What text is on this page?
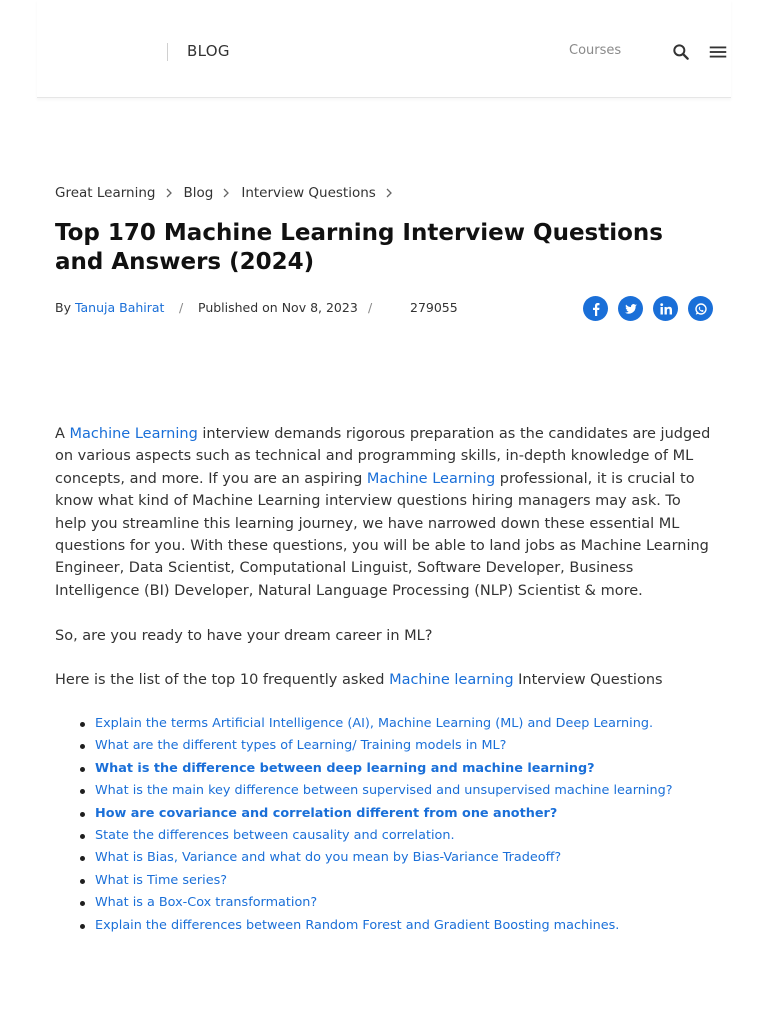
BLOG	Courses
Great Learning Blog Interview Questions
Top 170 Machine Learning Interview Questions and Answers (2024)
By Tanuja Bahirat / Published on Nov 8, 2023 /	279055

A Machine Learning interview demands rigorous preparation as the candidates are judged on various aspects such as technical and programming skills, in-depth knowledge of ML concepts, and more. If you are an aspiring Machine Learning professional, it is crucial to know what kind of Machine Learning interview questions hiring managers may ask. To help you streamline this learning journey, we have narrowed down these essential ML questions for you. With these questions, you will be able to land jobs as Machine Learning Engineer, Data Scientist, Computational Linguist, Software Developer, Business Intelligence (BI) Developer, Natural Language Processing (NLP) Scientist & more.

So, are you ready to have your dream career in ML?

Here is the list of the top 10 frequently asked Machine learning Interview Questions

Explain the terms Artificial Intelligence (AI), Machine Learning (ML) and Deep Learning.
What are the different types of Learning/ Training models in ML?
What is the difference between deep learning and machine learning?
What is the main key difference between supervised and unsupervised machine learning?
How are covariance and correlation different from one another?
State the differences between causality and correlation.
What is Bias, Variance and what do you mean by Bias-Variance Tradeoff?
What is Time series?
What is a Box-Cox transformation?
Explain the differences between Random Forest and Gradient Boosting machines.
